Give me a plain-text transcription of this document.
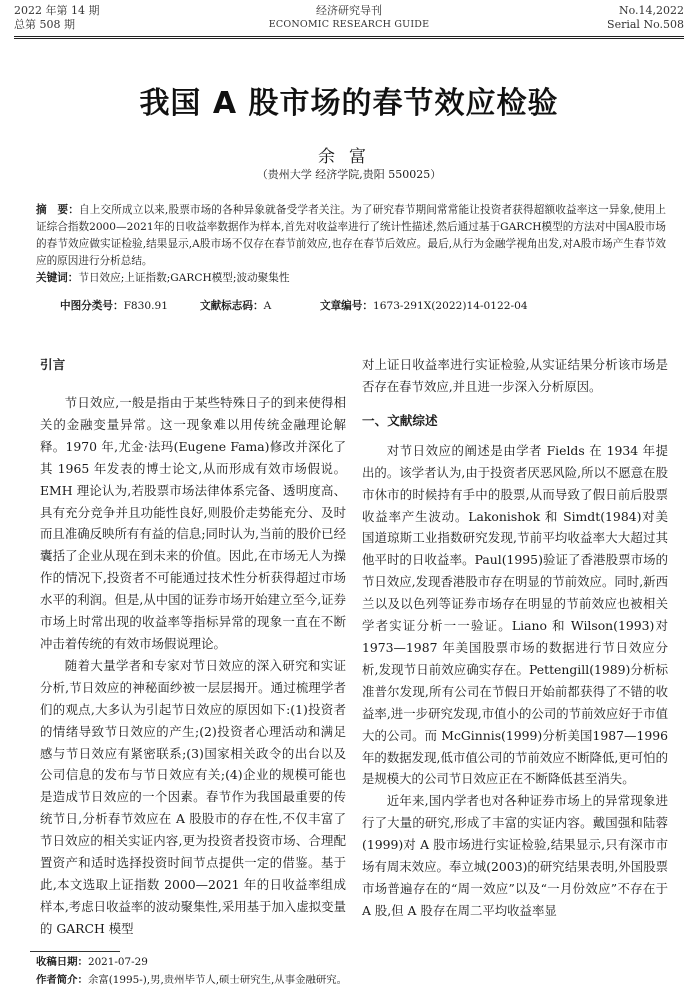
2022 年第 14 期
总第 508 期
经济研究导刊
ECONOMIC RESEARCH GUIDE
No.14,2022
Serial No.508
我国 A 股市场的春节效应检验
余富
（贵州大学 经济学院,贵阳 550025）
摘　要：自上交所成立以来,股票市场的各种异象就备受学者关注。为了研究春节期间常常能让投资者获得超额收益率这一异象,使用上证综合指数2000—2021年的日收益率数据作为样本,首先对收益率进行了统计性描述,然后通过基于GARCH模型的方法对中国A股市场的春节效应做实证检验,结果显示,A股市场不仅存在春节前效应,也存在春节后效应。最后,从行为金融学视角出发,对A股市场产生春节效应的原因进行分析总结。
关键词：节日效应;上证指数;GARCH模型;波动聚集性
中图分类号：F830.91	文献标志码：A	文章编号：1673-291X(2022)14-0122-04
引言

节日效应,一般是指由于某些特殊日子的到来使得相关的金融变量异常。这一现象难以用传统金融理论解释。1970 年,尤金·法玛(Eugene Fama)修改并深化了其 1965 年发表的博士论文,从而形成有效市场假说。EMH 理论认为,若股票市场法律体系完备、透明度高、具有充分竞争并且功能性良好,则股价走势能充分、及时而且准确反映所有有益的信息;同时认为,当前的股价已经囊括了企业从现在到未来的价值。因此,在市场无人为操作的情况下,投资者不可能通过技术性分析获得超过市场水平的利润。但是,从中国的证券市场开始建立至今,证券市场上时常出现的收益率等指标异常的现象一直在不断冲击着传统的有效市场假说理论。

随着大量学者和专家对节日效应的深入研究和实证分析,节日效应的神秘面纱被一层层揭开。通过梳理学者们的观点,大多认为引起节日效应的原因如下:(1)投资者的情绪导致节日效应的产生;(2)投资者心理活动和满足感与节日效应有紧密联系;(3)国家相关政令的出台以及公司信息的发布与节日效应有关;(4)企业的规模可能也是造成节日效应的一个因素。春节作为我国最重要的传统节日,分析春节效应在 A 股股市的存在性,不仅丰富了节日效应的相关实证内容,更为投资者投资市场、合理配置资产和适时选择投资时间节点提供一定的借鉴。基于此,本文选取上证指数 2000—2021 年的日收益率组成样本,考虑日收益率的波动聚集性,采用基于加入虚拟变量的 GARCH 模型

对上证日收益率进行实证检验,从实证结果分析该市场是否存在春节效应,并且进一步深入分析原因。

一、文献综述

对节日效应的阐述是由学者 Fields 在 1934 年提出的。该学者认为,由于投资者厌恶风险,所以不愿意在股市休市的时候持有手中的股票,从而导致了假日前后股票收益率产生波动。Lakonishok 和 Simdt(1984)对美国道琼斯工业指数研究发现,节前平均收益率大大超过其他平时的日收益率。Paul(1995)验证了香港股票市场的节日效应,发现香港股市存在明显的节前效应。同时,新西兰以及以色列等证券市场存在明显的节前效应也被相关学者实证分析一一验证。Liano 和 Wilson(1993)对 1973—1987 年美国股票市场的数据进行节日效应分析,发现节日前效应确实存在。Pettengill(1989)分析标准普尔发现,所有公司在节假日开始前都获得了不错的收益率,进一步研究发现,市值小的公司的节前效应好于市值大的公司。而 McGinnis(1999)分析美国1987—1996 年的数据发现,低市值公司的节前效应不断降低,更可怕的是规模大的公司节日效应正在不断降低甚至消失。

近年来,国内学者也对各种证券市场上的异常现象进行了大量的研究,形成了丰富的实证内容。戴国强和陆蓉(1999)对 A 股市场进行实证检验,结果显示,只有深市市场有周末效应。奉立城(2003)的研究结果表明,外国股票市场普遍存在的“周一效应”以及“一月份效应”不存在于 A 股,但 A 股存在周二平均收益率显

收稿日期：2021-07-29
作者简介：余富(1995-),男,贵州毕节人,硕士研究生,从事金融研究。
